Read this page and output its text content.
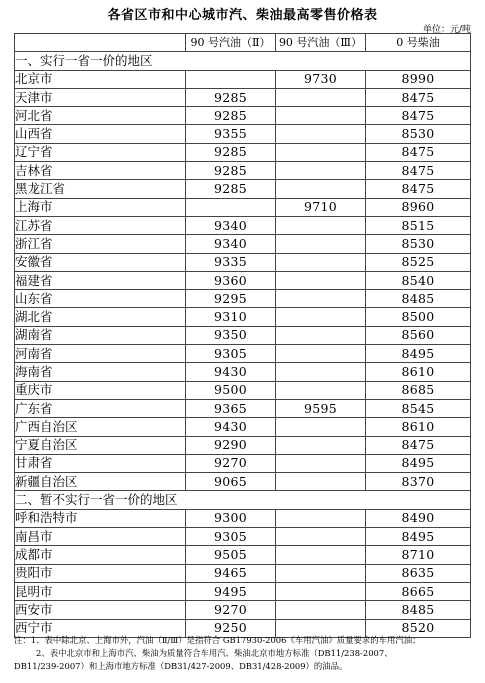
各省区市和中心城市汽、柴油最高零售价格表
单位：元/吨
	90 号汽油（Ⅱ）	90 号汽油（Ⅲ）	0 号柴油
一、实行一省一价的地区			
北京市		9730	8990
天津市	9285		8475
河北省	9285		8475
山西省	9355		8530
辽宁省	9285		8475
吉林省	9285		8475
黑龙江省	9285		8475
上海市		9710	8960
江苏省	9340		8515
浙江省	9340		8530
安徽省	9335		8525
福建省	9360		8540
山东省	9295		8485
湖北省	9310		8500
湖南省	9350		8560
河南省	9305		8495
海南省	9430		8610
重庆市	9500		8685
广东省	9365	9595	8545
广西自治区	9430		8610
宁夏自治区	9290		8475
甘肃省	9270		8495
新疆自治区	9065		8370
二、暂不实行一省一价的地区			
呼和浩特市	9300		8490
南昌市	9305		8495
成都市	9505		8710
贵阳市	9465		8635
昆明市	9495		8665
西安市	9270		8485
西宁市	9250		8520
注：1、表中除北京、上海市外，汽油（Ⅱ/Ⅲ）是指符合 GB17930-2006《车用汽油》质量要求的车用汽油；
2、表中北京市和上海市汽、柴油为质量符合车用汽、柴油北京市地方标准（DB11/238-2007、
DB11/239-2007）和上海市地方标准（DB31/427-2009、DB31/428-2009）的油品。
